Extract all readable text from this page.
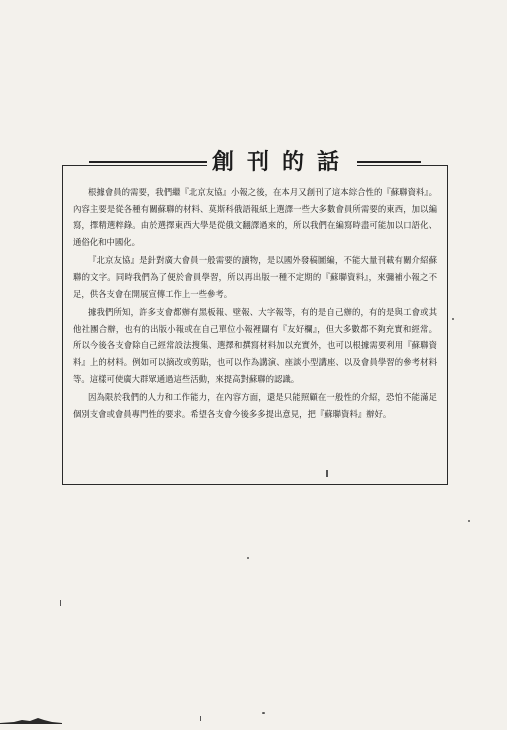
創刊的話

根據會員的需要，我們繼『北京友協』小報之後，在本月又創刊了這本綜合性的『蘇聯資料』。內容主要是從各種有關蘇聯的材料、莫斯科俄語報紙上選譯一些大多數會員所需要的東西，加以編寫，擇精選粹錄。由於選擇東西大學是從俄文翻譯過來的，所以我們在編寫時盡可能加以口語化、通俗化和中國化。

『北京友協』是針對廣大會員一般需要的讀物，是以國外發稿圖編，不能大量刊載有關介紹蘇聯的文字。同時我們為了便於會員學習，所以再出版一種不定期的『蘇聯資料』，來彌補小報之不足，供各支會在開展宣傳工作上一些參考。

據我們所知，許多支會都辦有黑板報、壁報、大字報等，有的是自己辦的，有的是與工會或其他社團合辦，也有的出版小報或在自己單位小報裡闢有『友好欄』，但大多數都不夠充實和經常。所以今後各支會除自己經常設法搜集、選擇和撰寫材料加以充實外，也可以根據需要利用『蘇聯資料』上的材料。例如可以摘改或剪貼，也可以作為講演、座談小型講座、以及會員學習的參考材料等。這樣可使廣大群眾通過這些活動，來提高對蘇聯的認識。

因為限於我們的人力和工作能力，在內容方面，還是只能照顧在一般性的介紹，恐怕不能滿足個別支會或會員專門性的要求。希望各支會今後多多提出意見，把『蘇聯資料』辦好。
